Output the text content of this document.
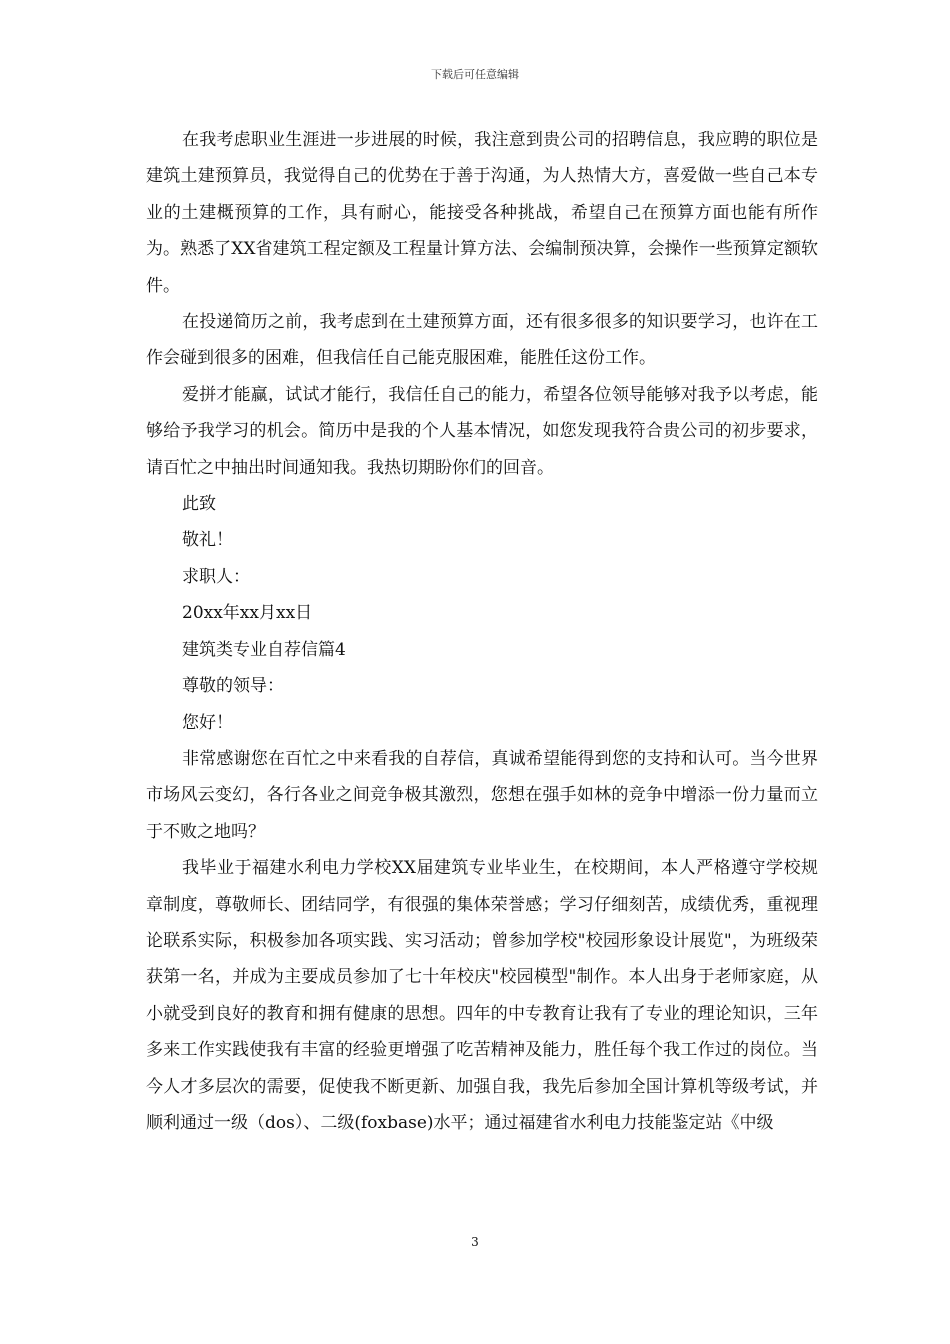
下载后可任意编辑

在我考虑职业生涯进一步进展的时候，我注意到贵公司的招聘信息，我应聘的职位是建筑土建预算员，我觉得自己的优势在于善于沟通，为人热情大方，喜爱做一些自己本专业的土建概预算的工作，具有耐心，能接受各种挑战，希望自己在预算方面也能有所作为。熟悉了XX省建筑工程定额及工程量计算方法、会编制预决算，会操作一些预算定额软件。

在投递简历之前，我考虑到在土建预算方面，还有很多很多的知识要学习，也许在工作会碰到很多的困难，但我信任自己能克服困难，能胜任这份工作。

爱拼才能赢，试试才能行，我信任自己的能力，希望各位领导能够对我予以考虑，能够给予我学习的机会。简历中是我的个人基本情况，如您发现我符合贵公司的初步要求，请百忙之中抽出时间通知我。我热切期盼你们的回音。

此致

敬礼！

求职人：

20xx年xx月xx日

建筑类专业自荐信篇4

尊敬的领导：

您好！

非常感谢您在百忙之中来看我的自荐信，真诚希望能得到您的支持和认可。当今世界市场风云变幻，各行各业之间竞争极其激烈，您想在强手如林的竞争中增添一份力量而立于不败之地吗？

我毕业于福建水利电力学校XX届建筑专业毕业生，在校期间，本人严格遵守学校规章制度，尊敬师长、团结同学，有很强的集体荣誉感；学习仔细刻苦，成绩优秀，重视理论联系实际，积极参加各项实践、实习活动；曾参加学校"校园形象设计展览"，为班级荣获第一名，并成为主要成员参加了七十年校庆"校园模型"制作。本人出身于老师家庭，从小就受到良好的教育和拥有健康的思想。四年的中专教育让我有了专业的理论知识，三年多来工作实践使我有丰富的经验更增强了吃苦精神及能力，胜任每个我工作过的岗位。当今人才多层次的需要，促使我不断更新、加强自我，我先后参加全国计算机等级考试，并顺利通过一级（dos）、二级(foxbase)水平；通过福建省水利电力技能鉴定站《中级

3
